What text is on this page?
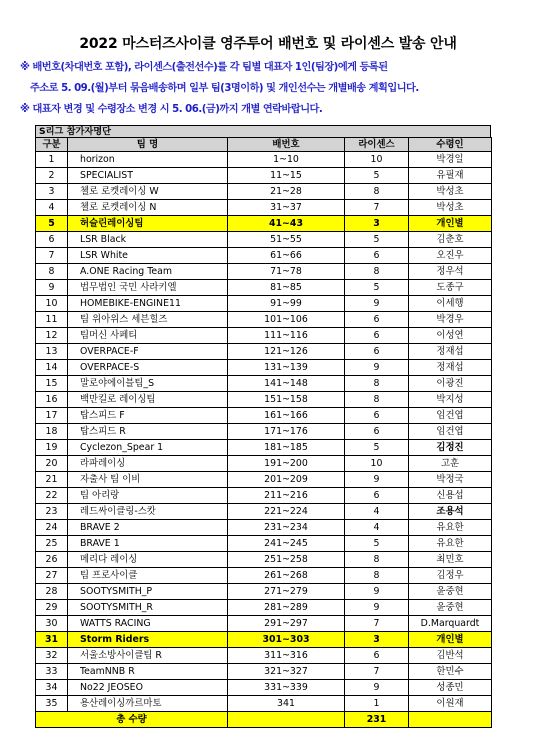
2022 마스터즈사이클 영주투어 배번호 및 라이센스 발송 안내
※ 배번호(차대번호 포함), 라이센스(출전선수)를 각 팀별 대표자 1인(팀장)에게 등록된
주소로 5. 09.(월)부터 묶음배송하며 일부 팀(3명이하) 및 개인선수는 개별배송 계획입니다.
※ 대표자 변경 및 수령장소 변경 시 5. 06.(금)까지 개별 연락바랍니다.
S리그 참가자명단
구분	팀 명	배번호	라이센스	수령인
1	horizon	1~10	10	박경일
2	SPECIALIST	11~15	5	유필재
3	첼로 로켓레이싱 W	21~28	8	박성초
4	첼로 로켓레이싱 N	31~37	7	박성초
5	허슬린레이싱팀	41~43	3	개인별
6	LSR Black	51~55	5	김춘호
7	LSR White	61~66	6	오진우
8	A.ONE Racing Team	71~78	8	정우석
9	법무법인 국민 사라키엘	81~85	5	도종구
10	HOMEBIKE-ENGINE11	91~99	9	이세행
11	팀 위아위스 세븐힐즈	101~106	6	박경우
12	팀머신 사페티	111~116	6	이성연
13	OVERPACE-F	121~126	6	정재섭
14	OVERPACE-S	131~139	9	정재섭
15	말로야에이블팀_S	141~148	8	이광진
16	백만킬로 레이싱팀	151~158	8	박지성
17	탑스피드 F	161~166	6	임건엽
18	탑스피드 R	171~176	6	임건엽
19	Cyclezon_Spear 1	181~185	5	김정진
20	라파레이싱	191~200	10	고훈
21	자출사 팀 이비	201~209	9	박정국
22	팀 아리랑	211~216	6	신용섭
23	레드싸이클링-스캇	221~224	4	조용석
24	BRAVE 2	231~234	4	유요한
25	BRAVE 1	241~245	5	유요한
26	메리다 레이싱	251~258	8	최민호
27	팀 프로사이클	261~268	8	김정우
28	SOOTYSMITH_P	271~279	9	윤중현
29	SOOTYSMITH_R	281~289	9	윤중현
30	WATTS RACING	291~297	7	D.Marquardt
31	Storm Riders	301~303	3	개인별
32	서울소방사이클팀 R	311~316	6	김반석
33	TeamNNB R	321~327	7	한민수
34	No22 JEOSEO	331~339	9	성종민
35	용산레이싱까르마토	341	1	이원재
총 수량			231	
